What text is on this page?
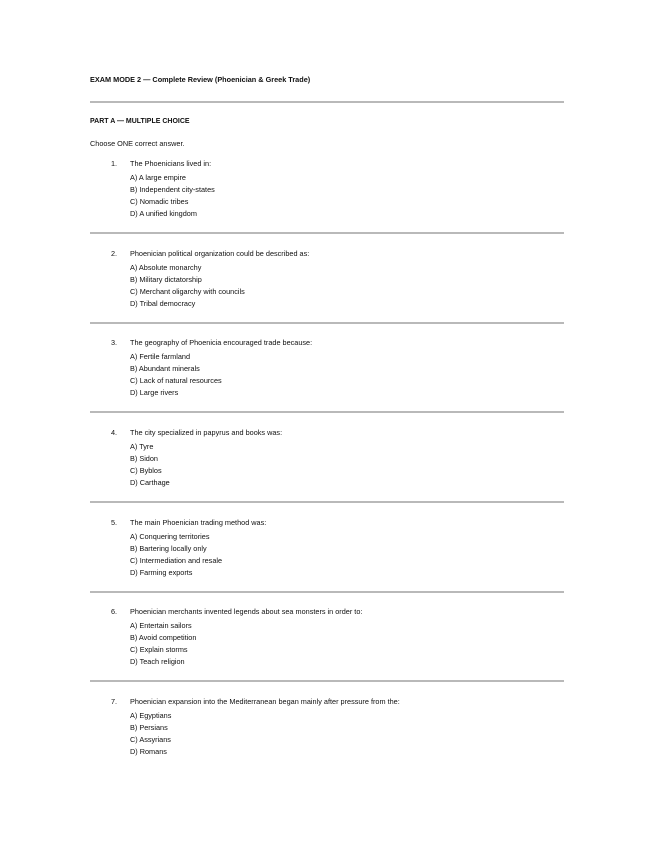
EXAM MODE 2 — Complete Review (Phoenician & Greek Trade)
PART A — MULTIPLE CHOICE
Choose ONE correct answer.
1. The Phoenicians lived in:
A) A large empire
B) Independent city-states
C) Nomadic tribes
D) A unified kingdom
2. Phoenician political organization could be described as:
A) Absolute monarchy
B) Military dictatorship
C) Merchant oligarchy with councils
D) Tribal democracy
3. The geography of Phoenicia encouraged trade because:
A) Fertile farmland
B) Abundant minerals
C) Lack of natural resources
D) Large rivers
4. The city specialized in papyrus and books was:
A) Tyre
B) Sidon
C) Byblos
D) Carthage
5. The main Phoenician trading method was:
A) Conquering territories
B) Bartering locally only
C) Intermediation and resale
D) Farming exports
6. Phoenician merchants invented legends about sea monsters in order to:
A) Entertain sailors
B) Avoid competition
C) Explain storms
D) Teach religion
7. Phoenician expansion into the Mediterranean began mainly after pressure from the:
A) Egyptians
B) Persians
C) Assyrians
D) Romans
